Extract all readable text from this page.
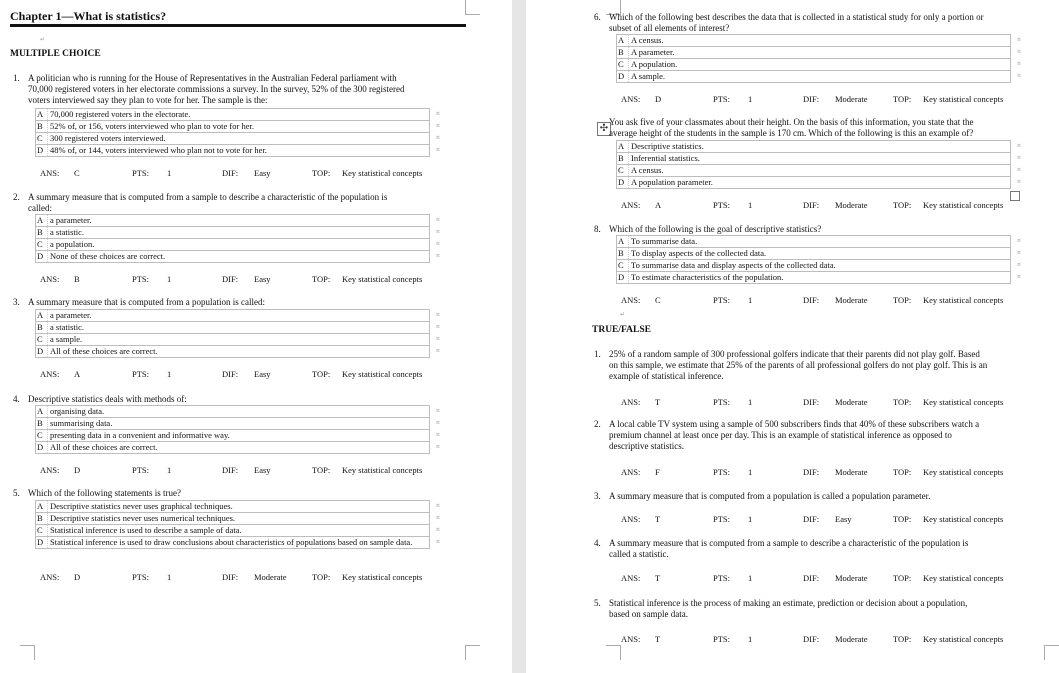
Chapter 1—What is statistics?
↵
MULTIPLE CHOICE
1. A politician who is running for the House of Representatives in the Australian Federal parliament with
70,000 registered voters in her electorate commissions a survey. In the survey, 52% of the 300 registered
voters interviewed say they plan to vote for her. The sample is the:
A	70,000 registered voters in the electorate.
B	52% of, or 156, voters interviewed who plan to vote for her.
C	300 registered voters interviewed.
D	48% of, or 144, voters interviewed who plan not to vote for her.
¤
¤
¤
¤
ANS: C	PTS: 1	DIF: Easy	TOP: Key statistical concepts
2. A summary measure that is computed from a sample to describe a characteristic of the population is
called:
A	a parameter.
B	a statistic.
C	a population.
D	None of these choices are correct.
¤
¤
¤
¤
ANS: B	PTS: 1	DIF: Easy	TOP: Key statistical concepts
3. A summary measure that is computed from a population is called:
A	a parameter.
B	a statistic.
C	a sample.
D	All of these choices are correct.
¤
¤
¤
¤
ANS: A	PTS: 1	DIF: Easy	TOP: Key statistical concepts
4. Descriptive statistics deals with methods of:
A	organising data.
B	summarising data.
C	presenting data in a convenient and informative way.
D	All of these choices are correct.
¤
¤
¤
¤
ANS: D	PTS: 1	DIF: Easy	TOP: Key statistical concepts
5. Which of the following statements is true?
A	Descriptive statistics never uses graphical techniques.
B	Descriptive statistics never uses numerical techniques.
C	Statistical inference is used to describe a sample of data.
D	Statistical inference is used to draw conclusions about characteristics of populations based on sample data.
¤
¤
¤
¤
ANS: D	PTS: 1	DIF: Moderate	TOP: Key statistical concepts
TRUE/FALSE
↵
✣
6. Which of the following best describes the data that is collected in a statistical study for only a portion or
subset of all elements of interest?
A	A census.
B	A parameter.
C	A population.
D	A sample.
¤
¤
¤
¤
ANS: D	PTS: 1	DIF: Moderate	TOP: Key statistical concepts
You ask five of your classmates about their height. On the basis of this information, you state that the
average height of the students in the sample is 170 cm. Which of the following is this an example of?
A	Descriptive statistics.
B	Inferential statistics.
C	A census.
D	A population parameter.
¤
¤
¤
¤
ANS: A	PTS: 1	DIF: Moderate	TOP: Key statistical concepts
8. Which of the following is the goal of descriptive statistics?
A	To summarise data.
B	To display aspects of the collected data.
C	To summarise data and display aspects of the collected data.
D	To estimate characteristics of the population.
¤
¤
¤
¤
ANS: C	PTS: 1	DIF: Moderate	TOP: Key statistical concepts
1. 25% of a random sample of 300 professional golfers indicate that their parents did not play golf. Based
on this sample, we estimate that 25% of the parents of all professional golfers do not play golf. This is an
example of statistical inference.
ANS: T	PTS: 1	DIF: Moderate	TOP: Key statistical concepts
2. A local cable TV system using a sample of 500 subscribers finds that 40% of these subscribers watch a
premium channel at least once per day. This is an example of statistical inference as opposed to
descriptive statistics.
ANS: F	PTS: 1	DIF: Moderate	TOP: Key statistical concepts
3. A summary measure that is computed from a population is called a population parameter.
ANS: T	PTS: 1	DIF: Easy	TOP: Key statistical concepts
4. A summary measure that is computed from a sample to describe a characteristic of the population is
called a statistic.
ANS: T	PTS: 1	DIF: Moderate	TOP: Key statistical concepts
5. Statistical inference is the process of making an estimate, prediction or decision about a population,
based on sample data.
ANS: T	PTS: 1	DIF: Moderate	TOP: Key statistical concepts
